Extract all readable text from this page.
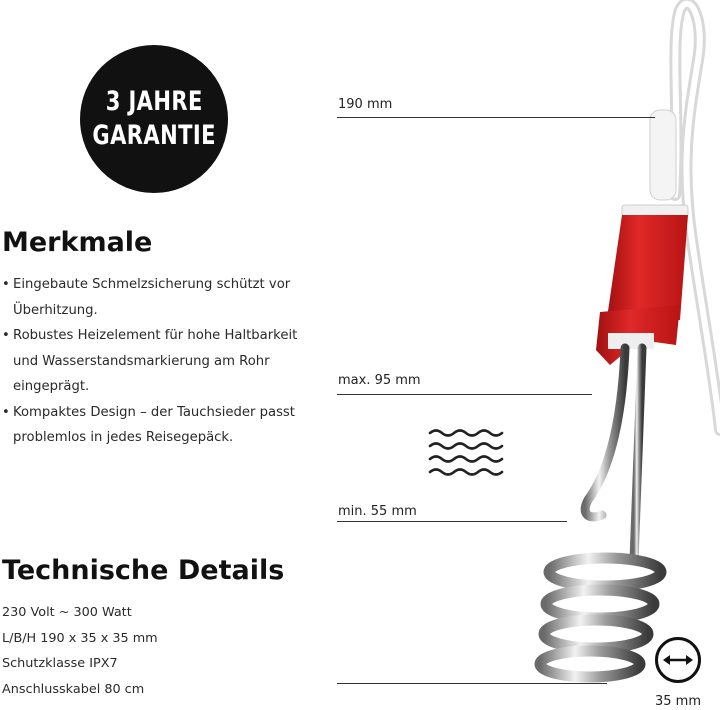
3 JAHRE
GARANTIE
190 mm
max. 95 mm
min. 55 mm
35 mm
Merkmale
• Eingebaute Schmelzsicherung schützt vor
Überhitzung.
• Robustes Heizelement für hohe Haltbarkeit
und Wasserstandsmarkierung am Rohr
eingeprägt.
• Kompaktes Design – der Tauchsieder passt
problemlos in jedes Reisegepäck.
Technische Details
230 Volt ~ 300 Watt
L/B/H 190 x 35 x 35 mm
Schutzklasse IPX7
Anschlusskabel 80 cm
